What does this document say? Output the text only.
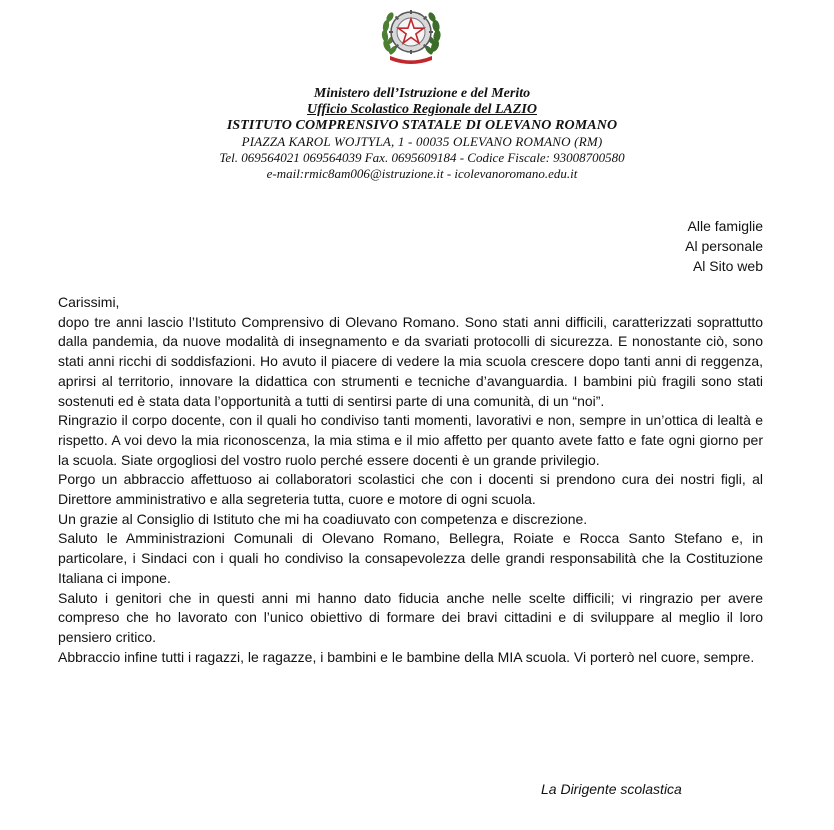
Ministero dell’Istruzione e del Merito
Ufficio Scolastico Regionale del LAZIO
ISTITUTO COMPRENSIVO STATALE DI OLEVANO ROMANO
PIAZZA KAROL WOJTYLA, 1 - 00035 OLEVANO ROMANO (RM)
Tel. 069564021 069564039 Fax. 0695609184 - Codice Fiscale: 93008700580
e-mail:rmic8am006@istruzione.it - icolevanoromano.edu.it
Alle famiglie
Al personale
Al Sito web

Carissimi,

dopo tre anni lascio l’Istituto Comprensivo di Olevano Romano. Sono stati anni difficili, caratterizzati soprattutto dalla pandemia, da nuove modalità di insegnamento e da svariati protocolli di sicurezza. E nonostante ciò, sono stati anni ricchi di soddisfazioni. Ho avuto il piacere di vedere la mia scuola crescere dopo tanti anni di reggenza, aprirsi al territorio, innovare la didattica con strumenti e tecniche d’avanguardia. I bambini più fragili sono stati sostenuti ed è stata data l’opportunità a tutti di sentirsi parte di una comunità, di un “noi”.

Ringrazio il corpo docente, con il quali ho condiviso tanti momenti, lavorativi e non, sempre in un’ottica di lealtà e rispetto. A voi devo la mia riconoscenza, la mia stima e il mio affetto per quanto avete fatto e fate ogni giorno per la scuola. Siate orgogliosi del vostro ruolo perché essere docenti è un grande privilegio.

Porgo un abbraccio affettuoso ai collaboratori scolastici che con i docenti si prendono cura dei nostri figli, al Direttore amministrativo e alla segreteria tutta, cuore e motore di ogni scuola.

Un grazie al Consiglio di Istituto che mi ha coadiuvato con competenza e discrezione.

Saluto le Amministrazioni Comunali di Olevano Romano, Bellegra, Roiate e Rocca Santo Stefano e, in particolare, i Sindaci con i quali ho condiviso la consapevolezza delle grandi responsabilità che la Costituzione Italiana ci impone.

Saluto i genitori che in questi anni mi hanno dato fiducia anche nelle scelte difficili; vi ringrazio per avere compreso che ho lavorato con l’unico obiettivo di formare dei bravi cittadini e di sviluppare al meglio il loro pensiero critico.

Abbraccio infine tutti i ragazzi, le ragazze, i bambini e le bambine della MIA scuola. Vi porterò nel cuore, sempre.

La Dirigente scolastica
